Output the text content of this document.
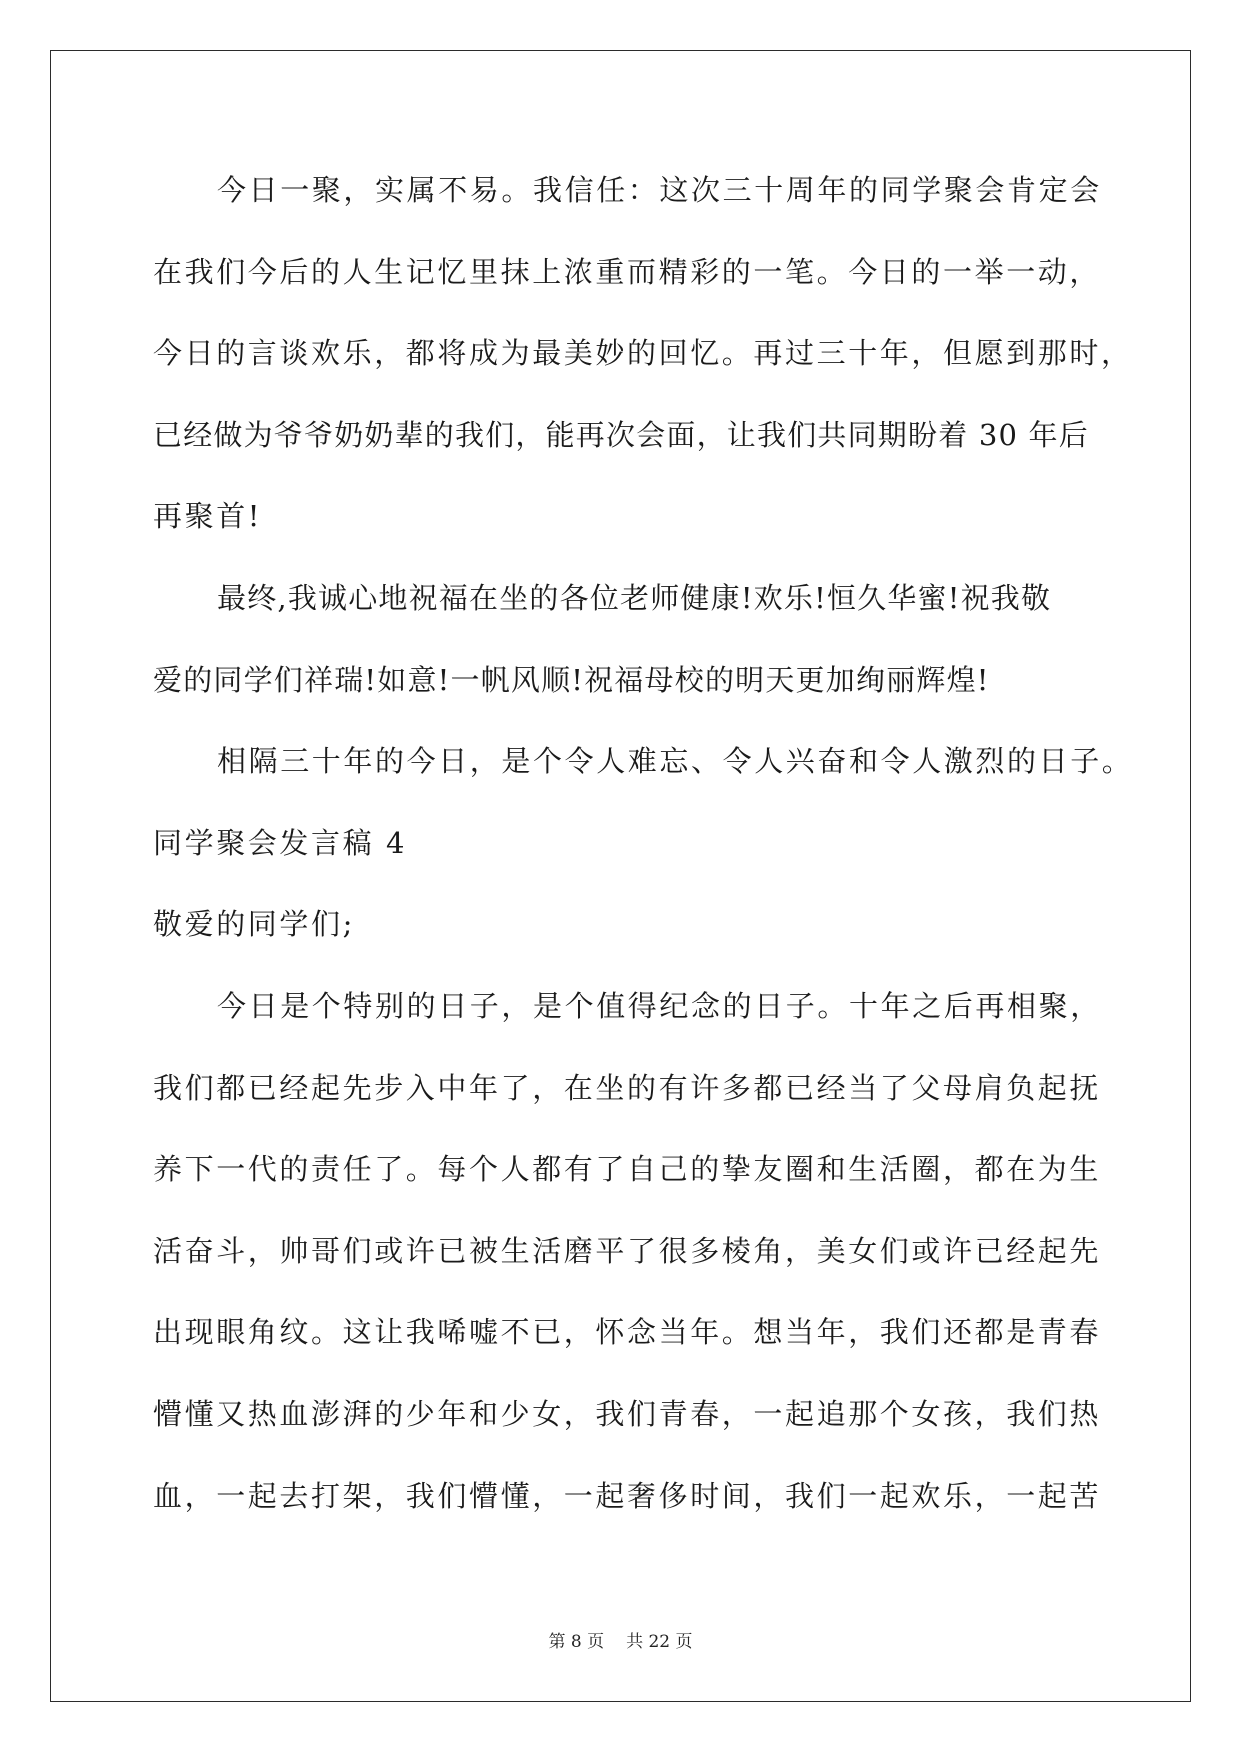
今日一聚，实属不易。我信任：这次三十周年的同学聚会肯定会
在我们今后的人生记忆里抹上浓重而精彩的一笔。今日的一举一动，
今日的言谈欢乐，都将成为最美妙的回忆。再过三十年，但愿到那时，
已经做为爷爷奶奶辈的我们，能再次会面，让我们共同期盼着 30 年后
再聚首!
最终,我诚心地祝福在坐的各位老师健康!欢乐!恒久华蜜!祝我敬
爱的同学们祥瑞!如意!一帆风顺!祝福母校的明天更加绚丽辉煌!
相隔三十年的今日，是个令人难忘、令人兴奋和令人激烈的日子。
同学聚会发言稿 4
敬爱的同学们;
今日是个特别的日子，是个值得纪念的日子。十年之后再相聚，
我们都已经起先步入中年了，在坐的有许多都已经当了父母肩负起抚
养下一代的责任了。每个人都有了自己的挚友圈和生活圈，都在为生
活奋斗，帅哥们或许已被生活磨平了很多棱角，美女们或许已经起先
出现眼角纹。这让我唏嘘不已，怀念当年。想当年，我们还都是青春
懵懂又热血澎湃的少年和少女，我们青春，一起追那个女孩，我们热
血，一起去打架，我们懵懂，一起奢侈时间，我们一起欢乐，一起苦
第 8 页 共 22 页
